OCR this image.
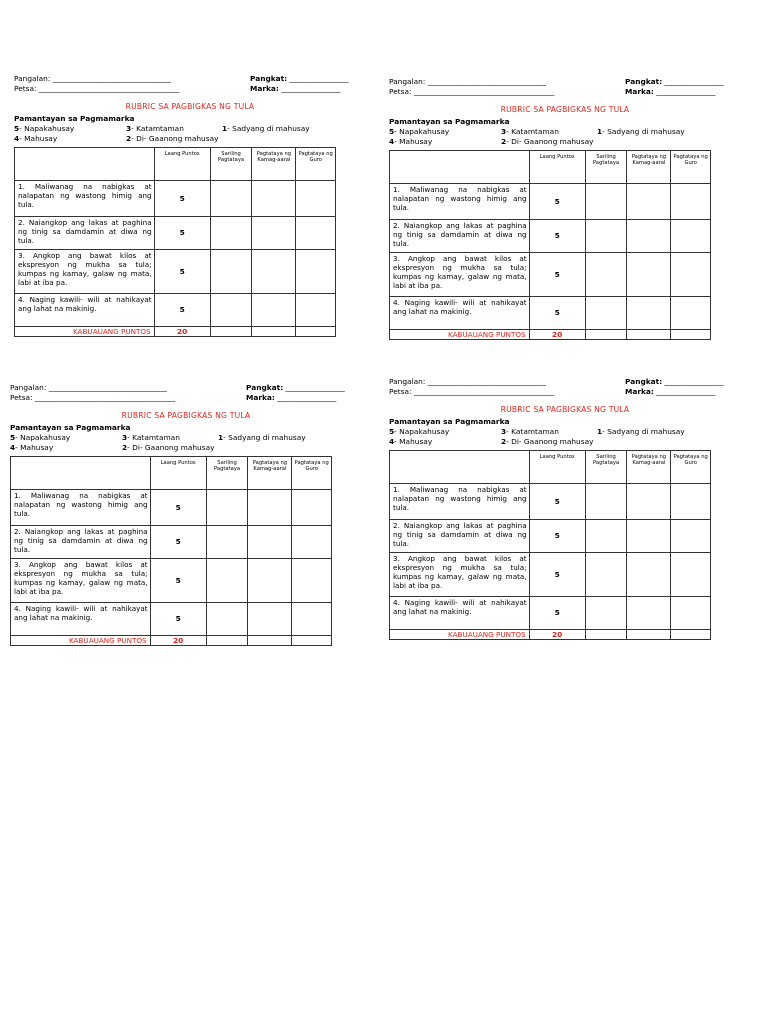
Pangalan: ________________________________	Pangkat: ________________
Petsa: ______________________________________	Marka: ________________
RUBRIC SA PAGBIGKAS NG TULA
Pamantayan sa Pagmamarka
5 - Napakahusay	3 - Katamtaman	1 - Sadyang di mahusay
4 - Mahusay	2 - Di- Gaanong mahusay
	Laang Puntos	Sariling Pagtataya	Pagtataya ng Kamag-aaral	Pagtataya ng Guro
1. Maliwanag na nabigkas at nalapatan ng wastong himig ang tula.	5			
2. Naiangkop ang lakas at paghina ng tinig sa damdamin at diwa ng tula.	5			
3. Angkop ang bawat kilos at ekspresyon ng mukha sa tula; kumpas ng kamay, galaw ng mata, labi at iba pa.	5			
4. Naging kawili- wili at nahikayat ang lahat na makinig.	5			
KABUAUANG PUNTOS	20			
Pangalan: ________________________________	Pangkat: ________________
Petsa: ______________________________________	Marka: ________________
RUBRIC SA PAGBIGKAS NG TULA
Pamantayan sa Pagmamarka
5 - Napakahusay	3 - Katamtaman	1 - Sadyang di mahusay
4 - Mahusay	2 - Di- Gaanong mahusay
	Laang Puntos	Sariling Pagtataya	Pagtataya ng Kamag-aaral	Pagtataya ng Guro
1. Maliwanag na nabigkas at nalapatan ng wastong himig ang tula.	5			
2. Naiangkop ang lakas at paghina ng tinig sa damdamin at diwa ng tula.	5			
3. Angkop ang bawat kilos at ekspresyon ng mukha sa tula; kumpas ng kamay, galaw ng mata, labi at iba pa.	5			
4. Naging kawili- wili at nahikayat ang lahat na makinig.	5			
KABUAUANG PUNTOS	20			
Pangalan: ________________________________	Pangkat: ________________
Petsa: ______________________________________	Marka: ________________
RUBRIC SA PAGBIGKAS NG TULA
Pamantayan sa Pagmamarka
5 - Napakahusay	3 - Katamtaman	1 - Sadyang di mahusay
4 - Mahusay	2 - Di- Gaanong mahusay
	Laang Puntos	Sariling Pagtataya	Pagtataya ng Kamag-aaral	Pagtataya ng Guro
1. Maliwanag na nabigkas at nalapatan ng wastong himig ang tula.	5			
2. Naiangkop ang lakas at paghina ng tinig sa damdamin at diwa ng tula.	5			
3. Angkop ang bawat kilos at ekspresyon ng mukha sa tula; kumpas ng kamay, galaw ng mata, labi at iba pa.	5			
4. Naging kawili- wili at nahikayat ang lahat na makinig.	5			
KABUAUANG PUNTOS	20			
Pangalan: ________________________________	Pangkat: ________________
Petsa: ______________________________________	Marka: ________________
RUBRIC SA PAGBIGKAS NG TULA
Pamantayan sa Pagmamarka
5 - Napakahusay	3 - Katamtaman	1 - Sadyang di mahusay
4 - Mahusay	2 - Di- Gaanong mahusay
	Laang Puntos	Sariling Pagtataya	Pagtataya ng Kamag-aaral	Pagtataya ng Guro
1. Maliwanag na nabigkas at nalapatan ng wastong himig ang tula.	5			
2. Naiangkop ang lakas at paghina ng tinig sa damdamin at diwa ng tula.	5			
3. Angkop ang bawat kilos at ekspresyon ng mukha sa tula; kumpas ng kamay, galaw ng mata, labi at iba pa.	5			
4. Naging kawili- wili at nahikayat ang lahat na makinig.	5			
KABUAUANG PUNTOS	20			
